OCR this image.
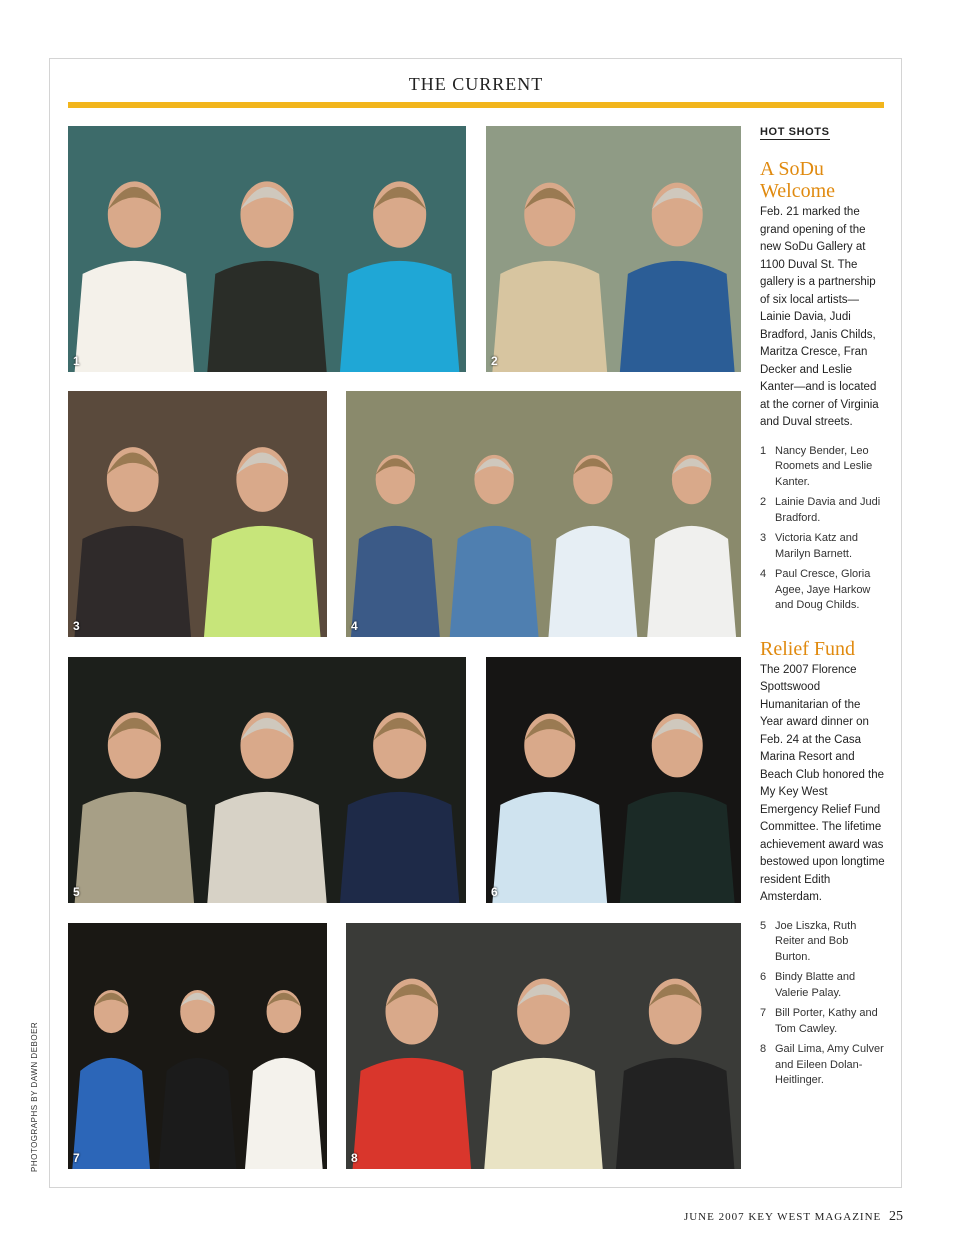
THE CURRENT
1	2
3	4
5	6
7	8
HOT SHOTS
A SoDu Welcome
Feb. 21 marked the grand opening of the new SoDu Gallery at 1100 Duval St. The gallery is a partnership of six local artists—Lainie Davia, Judi Bradford, Janis Childs, Maritza Cresce, Fran Decker and Leslie Kanter—and is located at the corner of Virginia and Duval streets.
1 Nancy Bender, Leo Roomets and Leslie Kanter.
2 Lainie Davia and Judi Bradford.
3 Victoria Katz and Marilyn Barnett.
4 Paul Cresce, Gloria Agee, Jaye Harkow and Doug Childs.
Relief Fund
The 2007 Florence Spottswood Humanitarian of the Year award dinner on Feb. 24 at the Casa Marina Resort and Beach Club honored the My Key West Emergency Relief Fund Committee. The lifetime achievement award was bestowed upon longtime resident Edith Amsterdam.
5 Joe Liszka, Ruth Reiter and Bob Burton.
6 Bindy Blatte and Valerie Palay.
7 Bill Porter, Kathy and Tom Cawley.
8 Gail Lima, Amy Culver and Eileen Dolan-Heitlinger.
PHOTOGRAPHS BY DAWN DEBOER
JUNE 2007 KEY WEST MAGAZINE 25
